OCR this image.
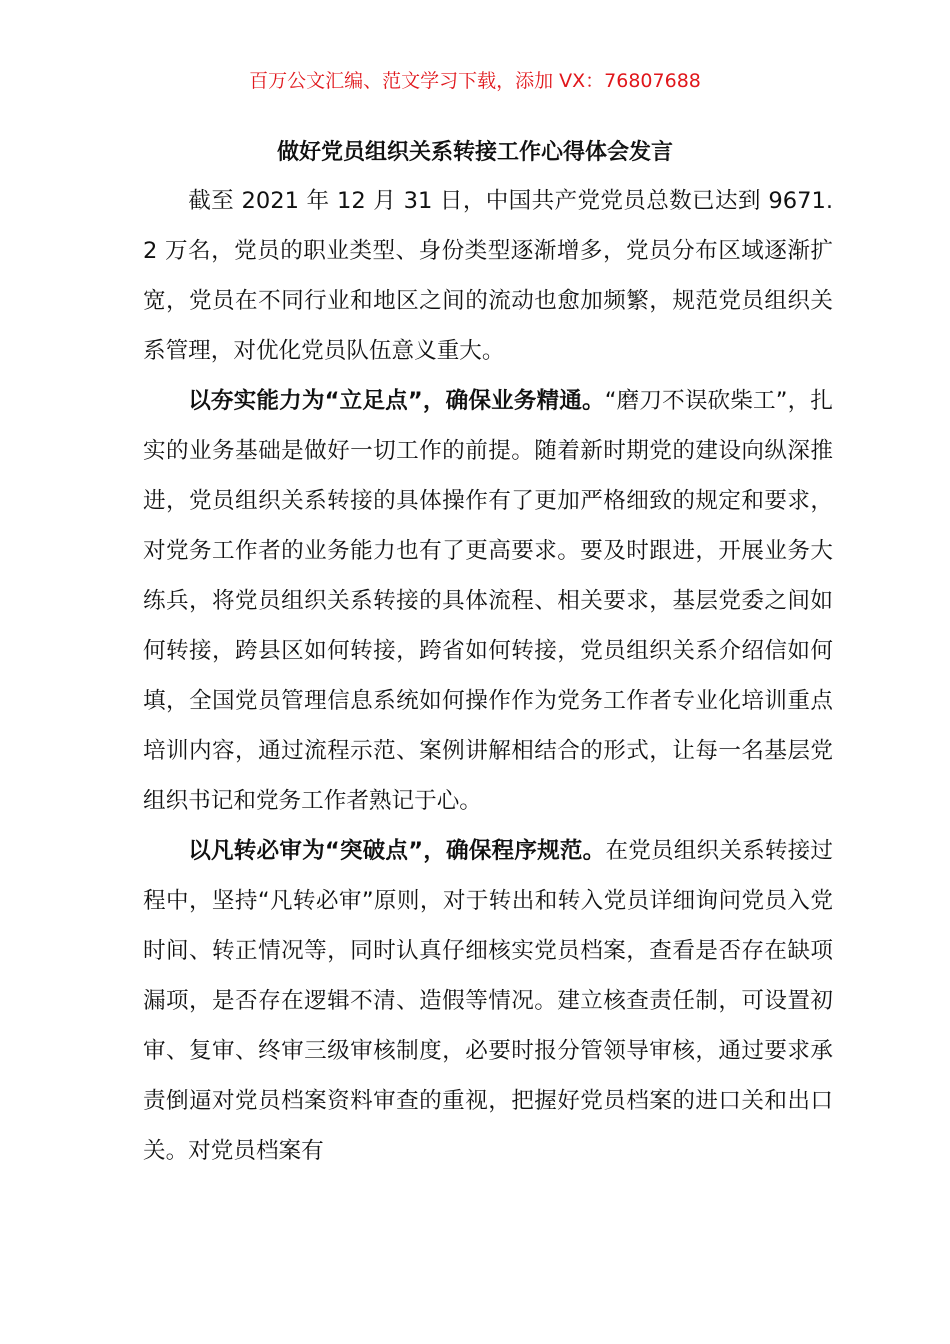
百万公文汇编、范文学习下载，添加 VX：76807688
做好党员组织关系转接工作心得体会发言

截至 2021 年 12 月 31 日，中国共产党党员总数已达到 9671.2 万名，党员的职业类型、身份类型逐渐增多，党员分布区域逐渐扩宽，党员在不同行业和地区之间的流动也愈加频繁，规范党员组织关系管理，对优化党员队伍意义重大。

以夯实能力为“立足点”，确保业务精通。“磨刀不误砍柴工”，扎实的业务基础是做好一切工作的前提。随着新时期党的建设向纵深推进，党员组织关系转接的具体操作有了更加严格细致的规定和要求，对党务工作者的业务能力也有了更高要求。要及时跟进，开展业务大练兵，将党员组织关系转接的具体流程、相关要求，基层党委之间如何转接，跨县区如何转接，跨省如何转接，党员组织关系介绍信如何填，全国党员管理信息系统如何操作作为党务工作者专业化培训重点培训内容，通过流程示范、案例讲解相结合的形式，让每一名基层党组织书记和党务工作者熟记于心。

以凡转必审为“突破点”，确保程序规范。在党员组织关系转接过程中，坚持“凡转必审”原则，对于转出和转入党员详细询问党员入党时间、转正情况等，同时认真仔细核实党员档案，查看是否存在缺项漏项，是否存在逻辑不清、造假等情况。建立核查责任制，可设置初审、复审、终审三级审核制度，必要时报分管领导审核，通过要求承责倒逼对党员档案资料审查的重视，把握好党员档案的进口关和出口关。对党员档案有
